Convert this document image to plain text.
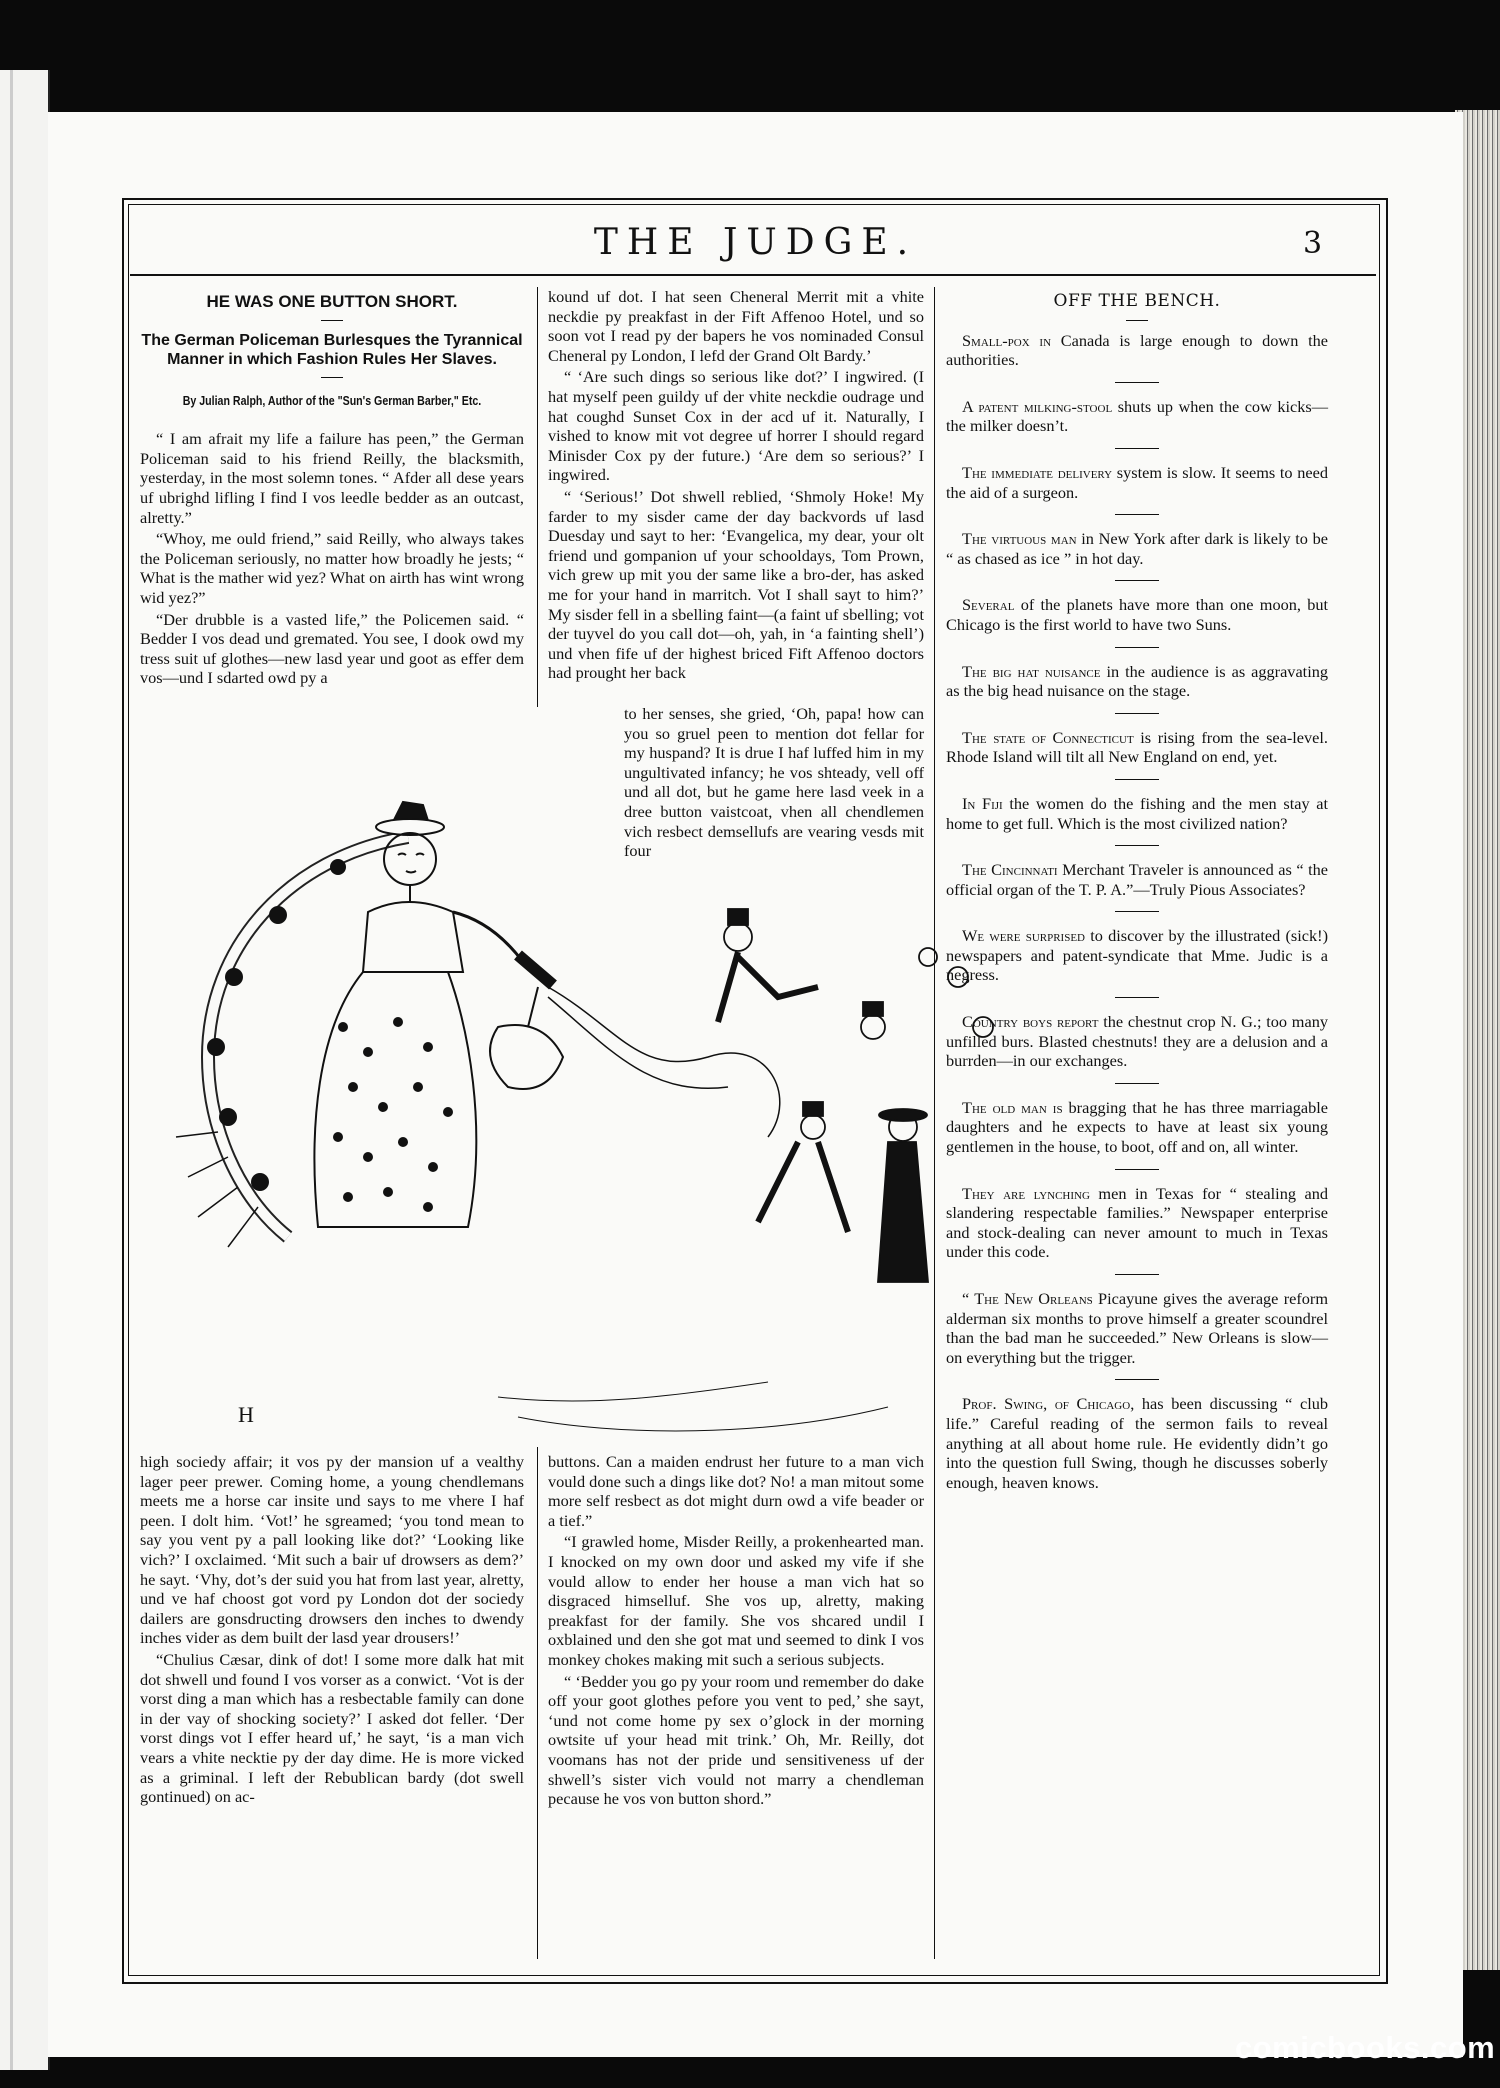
THE JUDGE.	3

HE WAS ONE BUTTON SHORT.

The German Policeman Burlesques the Tyrannical Manner in which Fashion Rules Her Slaves.

By Julian Ralph, Author of the "Sun's German Barber," Etc.

“ I am afrait my life a failure has peen,” the German Policeman said to his friend Reilly, the blacksmith, yesterday, in the most solemn tones. “ Afder all dese years uf ubrighd lifling I find I vos leedle bedder as an outcast, alretty.”

“Whoy, me ould friend,” said Reilly, who always takes the Policeman seriously, no matter how broadly he jests; “ What is the mather wid yez? What on airth has wint wrong wid yez?”

“Der drubble is a vasted life,” the Policemen said. “ Bedder I vos dead und gremated. You see, I dook owd my tress suit uf glothes—new lasd year und goot as effer dem vos—und I sdarted owd py a

kound uf dot. I hat seen Cheneral Merrit mit a vhite neckdie py preakfast in der Fift Affenoo Hotel, und so soon vot I read py der bapers he vos nominaded Consul Cheneral py London, I lefd der Grand Olt Bardy.’

“ ‘Are such dings so serious like dot?’ I ingwired. (I hat myself peen guildy uf der vhite neckdie oudrage und hat coughd Sunset Cox in der acd uf it. Naturally, I vished to know mit vot degree uf horrer I should regard Minisder Cox py der future.) ‘Are dem so serious?’ I ingwired.

“ ‘Serious!’ Dot shwell reblied, ‘Shmoly Hoke! My farder to my sisder came der day backvords uf lasd Duesday und sayt to her: ‘Evangelica, my dear, your olt friend und gompanion uf your schooldays, Tom Prown, vich grew up mit you der same like a bro-der, has asked me for your hand in marritch. Vot I shall sayt to him?’ My sisder fell in a sbelling faint—(a faint uf sbelling; vot der tuyvel do you call dot—oh, yah, in ‘a fainting shell’) und vhen fife uf der highest briced Fift Affenoo doctors had prought her back

to her senses, she gried, ‘Oh, papa! how can you so gruel peen to mention dot fellar for my huspand? It is drue I haf luffed him in my ungultivated infancy; he vos shteady, vell off und all dot, but he game here lasd veek in a dree button vaistcoat, vhen all chendlemen vich resbect demsellufs are vearing vesds mit four

H

high sociedy affair; it vos py der mansion uf a vealthy lager peer prewer. Coming home, a young chendlemans meets me a horse car insite und says to me vhere I haf peen. I dolt him. ‘Vot!’ he sgreamed; ‘you tond mean to say you vent py a pall looking like dot?’ ‘Looking like vich?’ I oxclaimed. ‘Mit such a bair uf drowsers as dem?’ he sayt. ‘Vhy, dot’s der suid you hat from last year, alretty, und ve haf choost got vord py London dot der sociedy dailers are gonsdructing drowsers den inches to dwendy inches vider as dem built der lasd year drousers!’

“Chulius Cæsar, dink of dot! I some more dalk hat mit dot shwell und found I vos vorser as a conwict. ‘Vot is der vorst ding a man which has a resbectable family can done in der vay of shocking society?’ I asked dot feller. ‘Der vorst dings vot I effer heard uf,’ he sayt, ‘is a man vich vears a vhite necktie py der day dime. He is more vicked as a griminal. I left der Rebublican bardy (dot swell gontinued) on ac-

buttons. Can a maiden endrust her future to a man vich vould done such a dings like dot? No! a man mitout some more self resbect as dot might durn owd a vife beader or a tief.”

“I grawled home, Misder Reilly, a prokenhearted man. I knocked on my own door und asked my vife if she vould allow to ender her house a man vich hat so disgraced himselluf. She vos up, alretty, making preakfast for der family. She vos shcared undil I oxblained und den she got mat und seemed to dink I vos monkey chokes making mit such a serious subjects.

“ ‘Bedder you go py your room und remember do dake off your goot glothes pefore you vent to ped,’ she sayt, ‘und not come home py sex o’glock in der morning owtsite uf your head mit trink.’ Oh, Mr. Reilly, dot voomans has not der pride und sensitiveness uf der shwell’s sister vich vould not marry a chendleman pecause he vos von button shord.”

OFF THE BENCH.

Small-pox in Canada is large enough to down the authorities.

A patent milking-stool shuts up when the cow kicks—the milker doesn’t.

The immediate delivery system is slow. It seems to need the aid of a surgeon.

The virtuous man in New York after dark is likely to be “ as chased as ice ” in hot day.

Several of the planets have more than one moon, but Chicago is the first world to have two Suns.

The big hat nuisance in the audience is as aggravating as the big head nuisance on the stage.

The state of Connecticut is rising from the sea-level. Rhode Island will tilt all New England on end, yet.

In Fiji the women do the fishing and the men stay at home to get full. Which is the most civilized nation?

The Cincinnati Merchant Traveler is announced as “ the official organ of the T. P. A.”—Truly Pious Associates?

We were surprised to discover by the illustrated (sick!) newspapers and patent-syndicate that Mme. Judic is a negress.

Country boys report the chestnut crop N. G.; too many unfilled burs. Blasted chestnuts! they are a delusion and a burrden—in our exchanges.

The old man is bragging that he has three marriagable daughters and he expects to have at least six young gentlemen in the house, to boot, off and on, all winter.

They are lynching men in Texas for “ stealing and slandering respectable families.” Newspaper enterprise and stock-dealing can never amount to much in Texas under this code.

“ The New Orleans Picayune gives the average reform alderman six months to prove himself a greater scoundrel than the bad man he succeeded.” New Orleans is slow—on everything but the trigger.

Prof. Swing, of Chicago, has been discussing “ club life.” Careful reading of the sermon fails to reveal anything at all about home rule. He evidently didn’t go into the question full Swing, though he discusses soberly enough, heaven knows.

comicbooks.com
